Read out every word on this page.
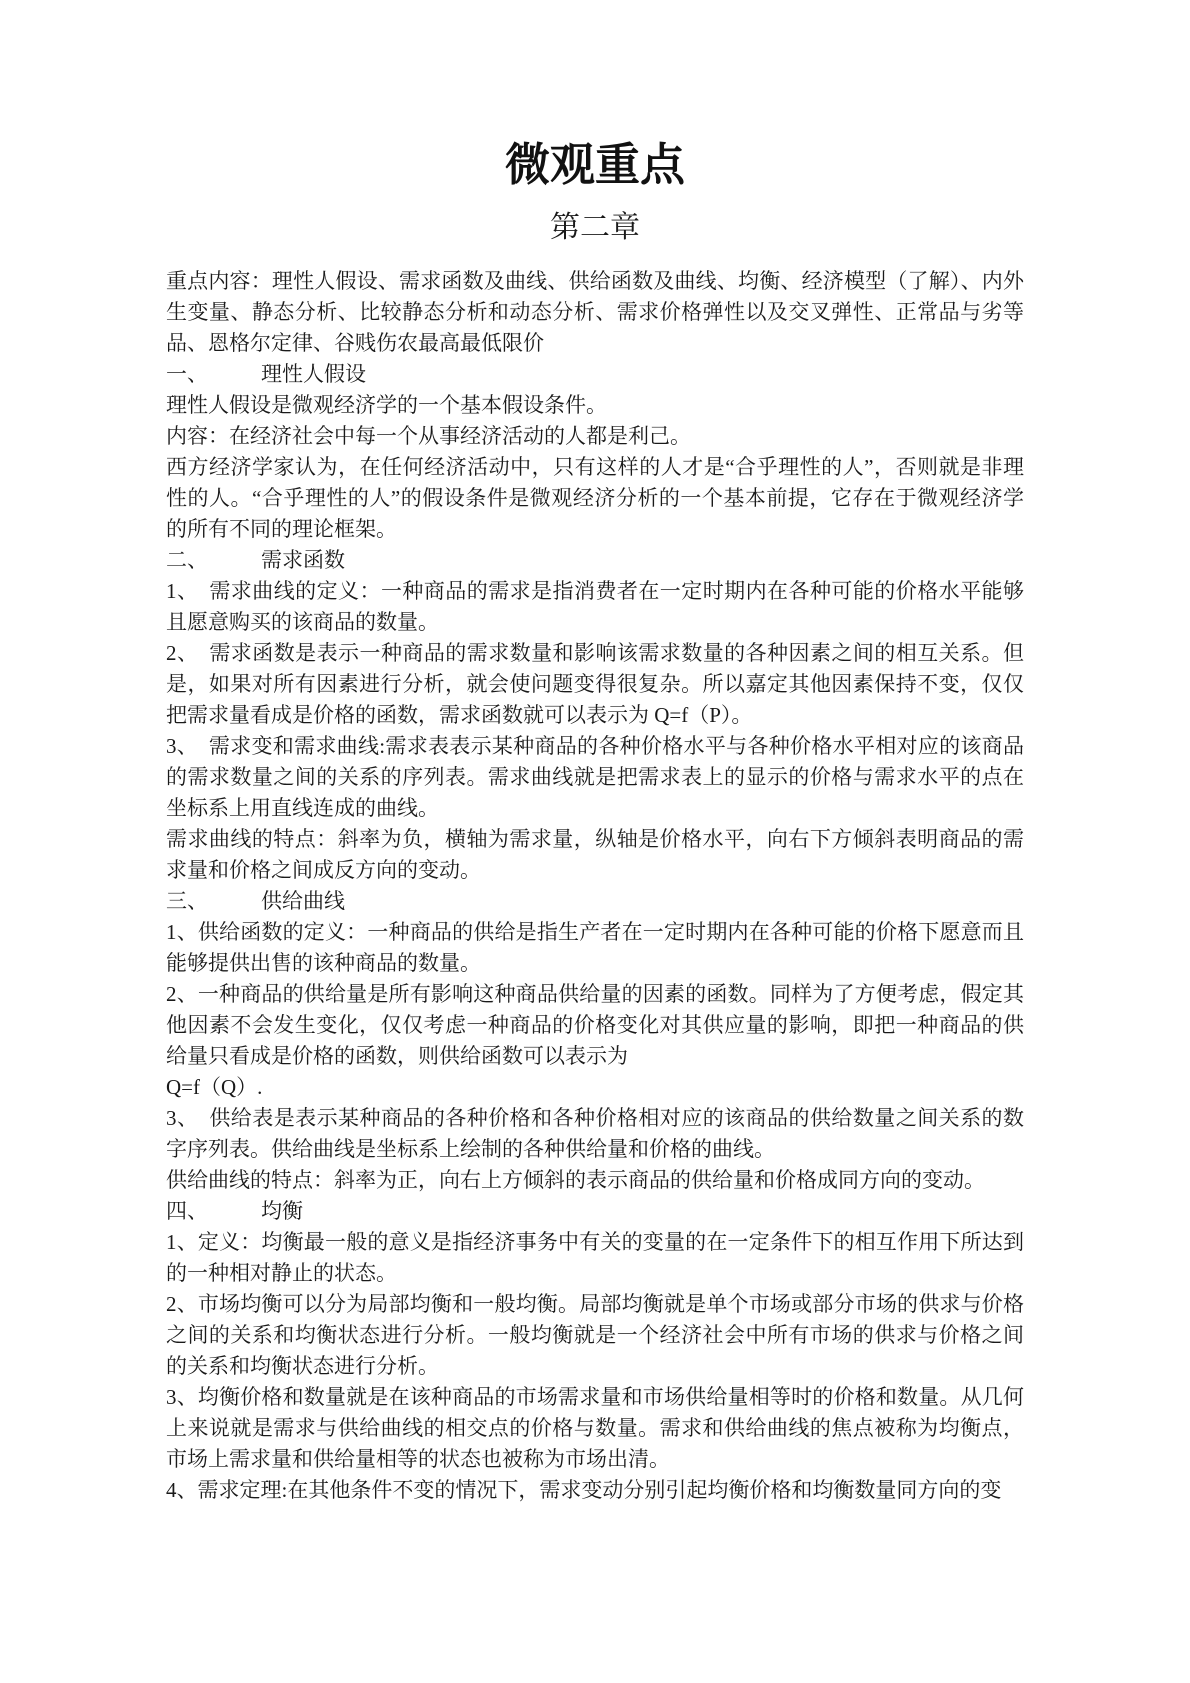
微观重点
第二章

重点内容：理性人假设、需求函数及曲线、供给函数及曲线、均衡、经济模型（了解）、内外生变量、静态分析、比较静态分析和动态分析、需求价格弹性以及交叉弹性、正常品与劣等品、恩格尔定律、谷贱伤农最高最低限价

一、	理性人假设

理性人假设是微观经济学的一个基本假设条件。

内容：在经济社会中每一个从事经济活动的人都是利己。

西方经济学家认为，在任何经济活动中，只有这样的人才是“合乎理性的人”，否则就是非理性的人。“合乎理性的人”的假设条件是微观经济分析的一个基本前提，它存在于微观经济学的所有不同的理论框架。

二、	需求函数

1、　需求曲线的定义：一种商品的需求是指消费者在一定时期内在各种可能的价格水平能够且愿意购买的该商品的数量。

2、　需求函数是表示一种商品的需求数量和影响该需求数量的各种因素之间的相互关系。但是，如果对所有因素进行分析，就会使问题变得很复杂。所以嘉定其他因素保持不变，仅仅把需求量看成是价格的函数，需求函数就可以表示为 Q=f（P）。

3、　需求变和需求曲线:需求表表示某种商品的各种价格水平与各种价格水平相对应的该商品的需求数量之间的关系的序列表。需求曲线就是把需求表上的显示的价格与需求水平的点在坐标系上用直线连成的曲线。

需求曲线的特点：斜率为负，横轴为需求量，纵轴是价格水平，向右下方倾斜表明商品的需求量和价格之间成反方向的变动。

三、	供给曲线

1、供给函数的定义：一种商品的供给是指生产者在一定时期内在各种可能的价格下愿意而且能够提供出售的该种商品的数量。

2、一种商品的供给量是所有影响这种商品供给量的因素的函数。同样为了方便考虑，假定其他因素不会发生变化，仅仅考虑一种商品的价格变化对其供应量的影响，即把一种商品的供给量只看成是价格的函数，则供给函数可以表示为

Q=f（Q）.

3、　供给表是表示某种商品的各种价格和各种价格相对应的该商品的供给数量之间关系的数字序列表。供给曲线是坐标系上绘制的各种供给量和价格的曲线。

供给曲线的特点：斜率为正，向右上方倾斜的表示商品的供给量和价格成同方向的变动。

四、	均衡

1、定义：均衡最一般的意义是指经济事务中有关的变量的在一定条件下的相互作用下所达到的一种相对静止的状态。

2、市场均衡可以分为局部均衡和一般均衡。局部均衡就是单个市场或部分市场的供求与价格之间的关系和均衡状态进行分析。一般均衡就是一个经济社会中所有市场的供求与价格之间的关系和均衡状态进行分析。

3、均衡价格和数量就是在该种商品的市场需求量和市场供给量相等时的价格和数量。从几何上来说就是需求与供给曲线的相交点的价格与数量。需求和供给曲线的焦点被称为均衡点，市场上需求量和供给量相等的状态也被称为市场出清。

4、需求定理:在其他条件不变的情况下，需求变动分别引起均衡价格和均衡数量同方向的变
